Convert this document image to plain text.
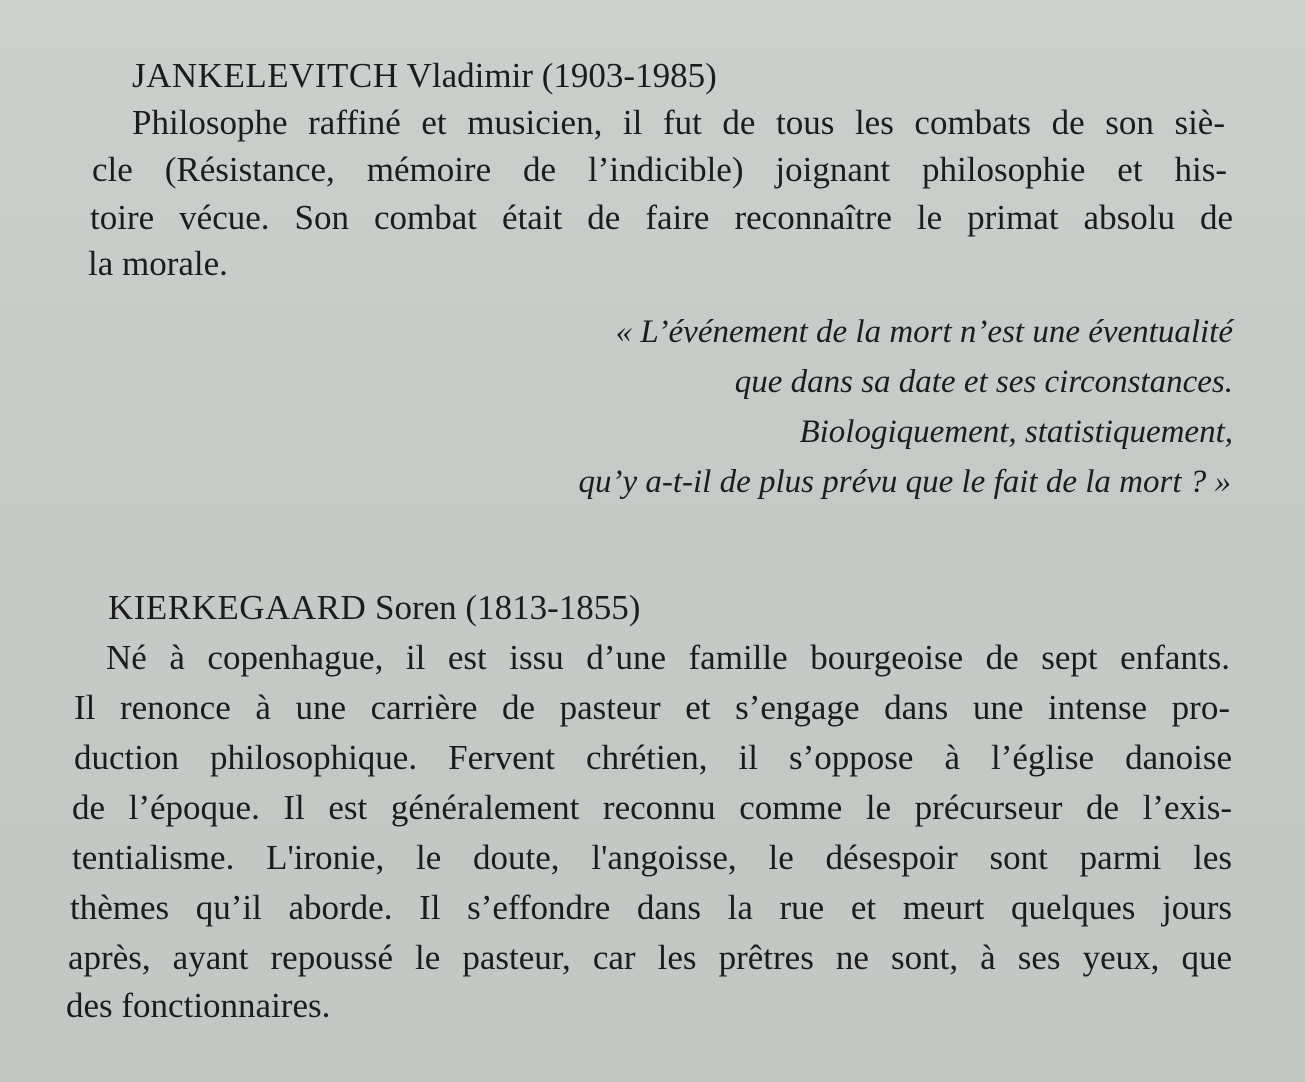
JANKELEVITCH Vladimir (1903-1985)
Philosophe raffiné et musicien, il fut de tous les combats de son siè-
cle (Résistance, mémoire de l’indicible) joignant philosophie et his-
toire vécue. Son combat était de faire reconnaître le primat absolu de
la morale.
« L’événement de la mort n’est une éventualité
que dans sa date et ses circonstances.
Biologiquement, statistiquement,
qu’y a-t-il de plus prévu que le fait de la mort ? »
KIERKEGAARD Soren (1813-1855)
Né à copenhague, il est issu d’une famille bourgeoise de sept enfants.
Il renonce à une carrière de pasteur et s’engage dans une intense pro-
duction philosophique. Fervent chrétien, il s’oppose à l’église danoise
de l’époque. Il est généralement reconnu comme le précurseur de l’exis-
tentialisme. L'ironie, le doute, l'angoisse, le désespoir sont parmi les
thèmes qu’il aborde. Il s’effondre dans la rue et meurt quelques jours
après, ayant repoussé le pasteur, car les prêtres ne sont, à ses yeux, que
des fonctionnaires.
